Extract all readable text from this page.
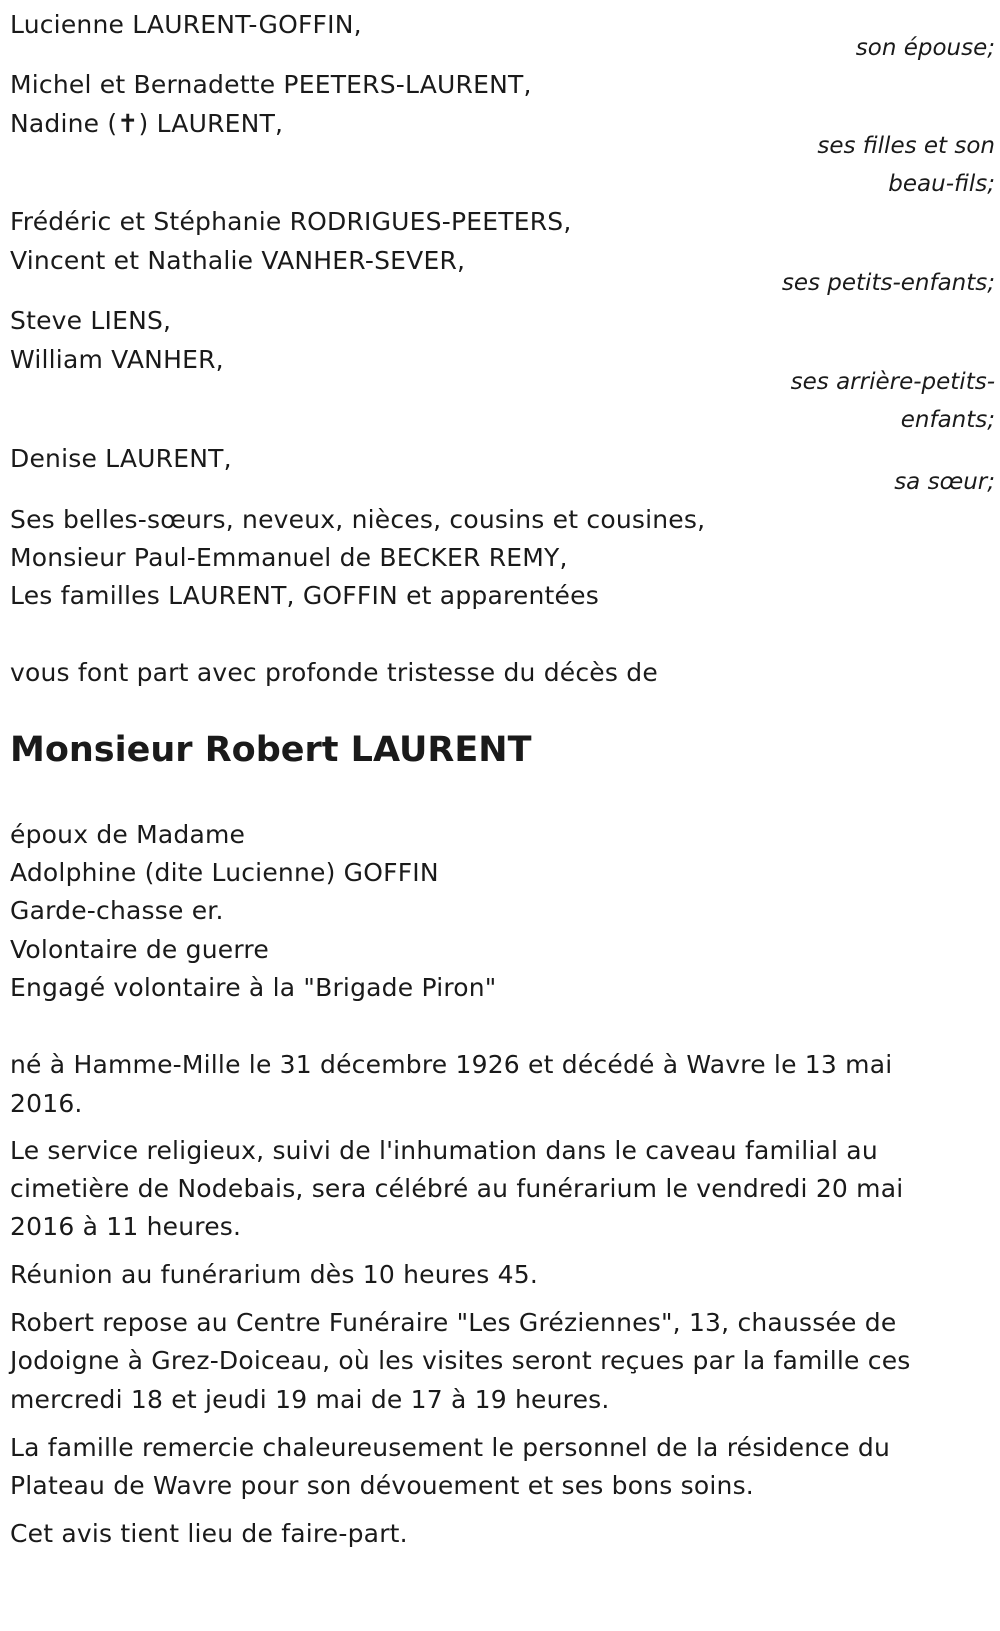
Lucienne LAURENT-GOFFIN,
son épouse;
Michel et Bernadette PEETERS-LAURENT,
Nadine (✝) LAURENT,
ses filles et son
beau-fils;
Frédéric et Stéphanie RODRIGUES-PEETERS,
Vincent et Nathalie VANHER-SEVER,
ses petits-enfants;
Steve LIENS,
William VANHER,
ses arrière-petits-
enfants;
Denise LAURENT,
sa sœur;
Ses belles-sœurs, neveux, nièces, cousins et cousines,
Monsieur Paul-Emmanuel de BECKER REMY,
Les familles LAURENT, GOFFIN et apparentées
vous font part avec profonde tristesse du décès de
Monsieur Robert LAURENT
époux de Madame
Adolphine (dite Lucienne) GOFFIN
Garde-chasse er.
Volontaire de guerre
Engagé volontaire à la "Brigade Piron"
né à Hamme-Mille le 31 décembre 1926 et décédé à Wavre le 13 mai
2016.
Le service religieux, suivi de l'inhumation dans le caveau familial au
cimetière de Nodebais, sera célébré au funérarium le vendredi 20 mai
2016 à 11 heures.
Réunion au funérarium dès 10 heures 45.
Robert repose au Centre Funéraire "Les Gréziennes", 13, chaussée de
Jodoigne à Grez-Doiceau, où les visites seront reçues par la famille ces
mercredi 18 et jeudi 19 mai de 17 à 19 heures.
La famille remercie chaleureusement le personnel de la résidence du
Plateau de Wavre pour son dévouement et ses bons soins.
Cet avis tient lieu de faire-part.
